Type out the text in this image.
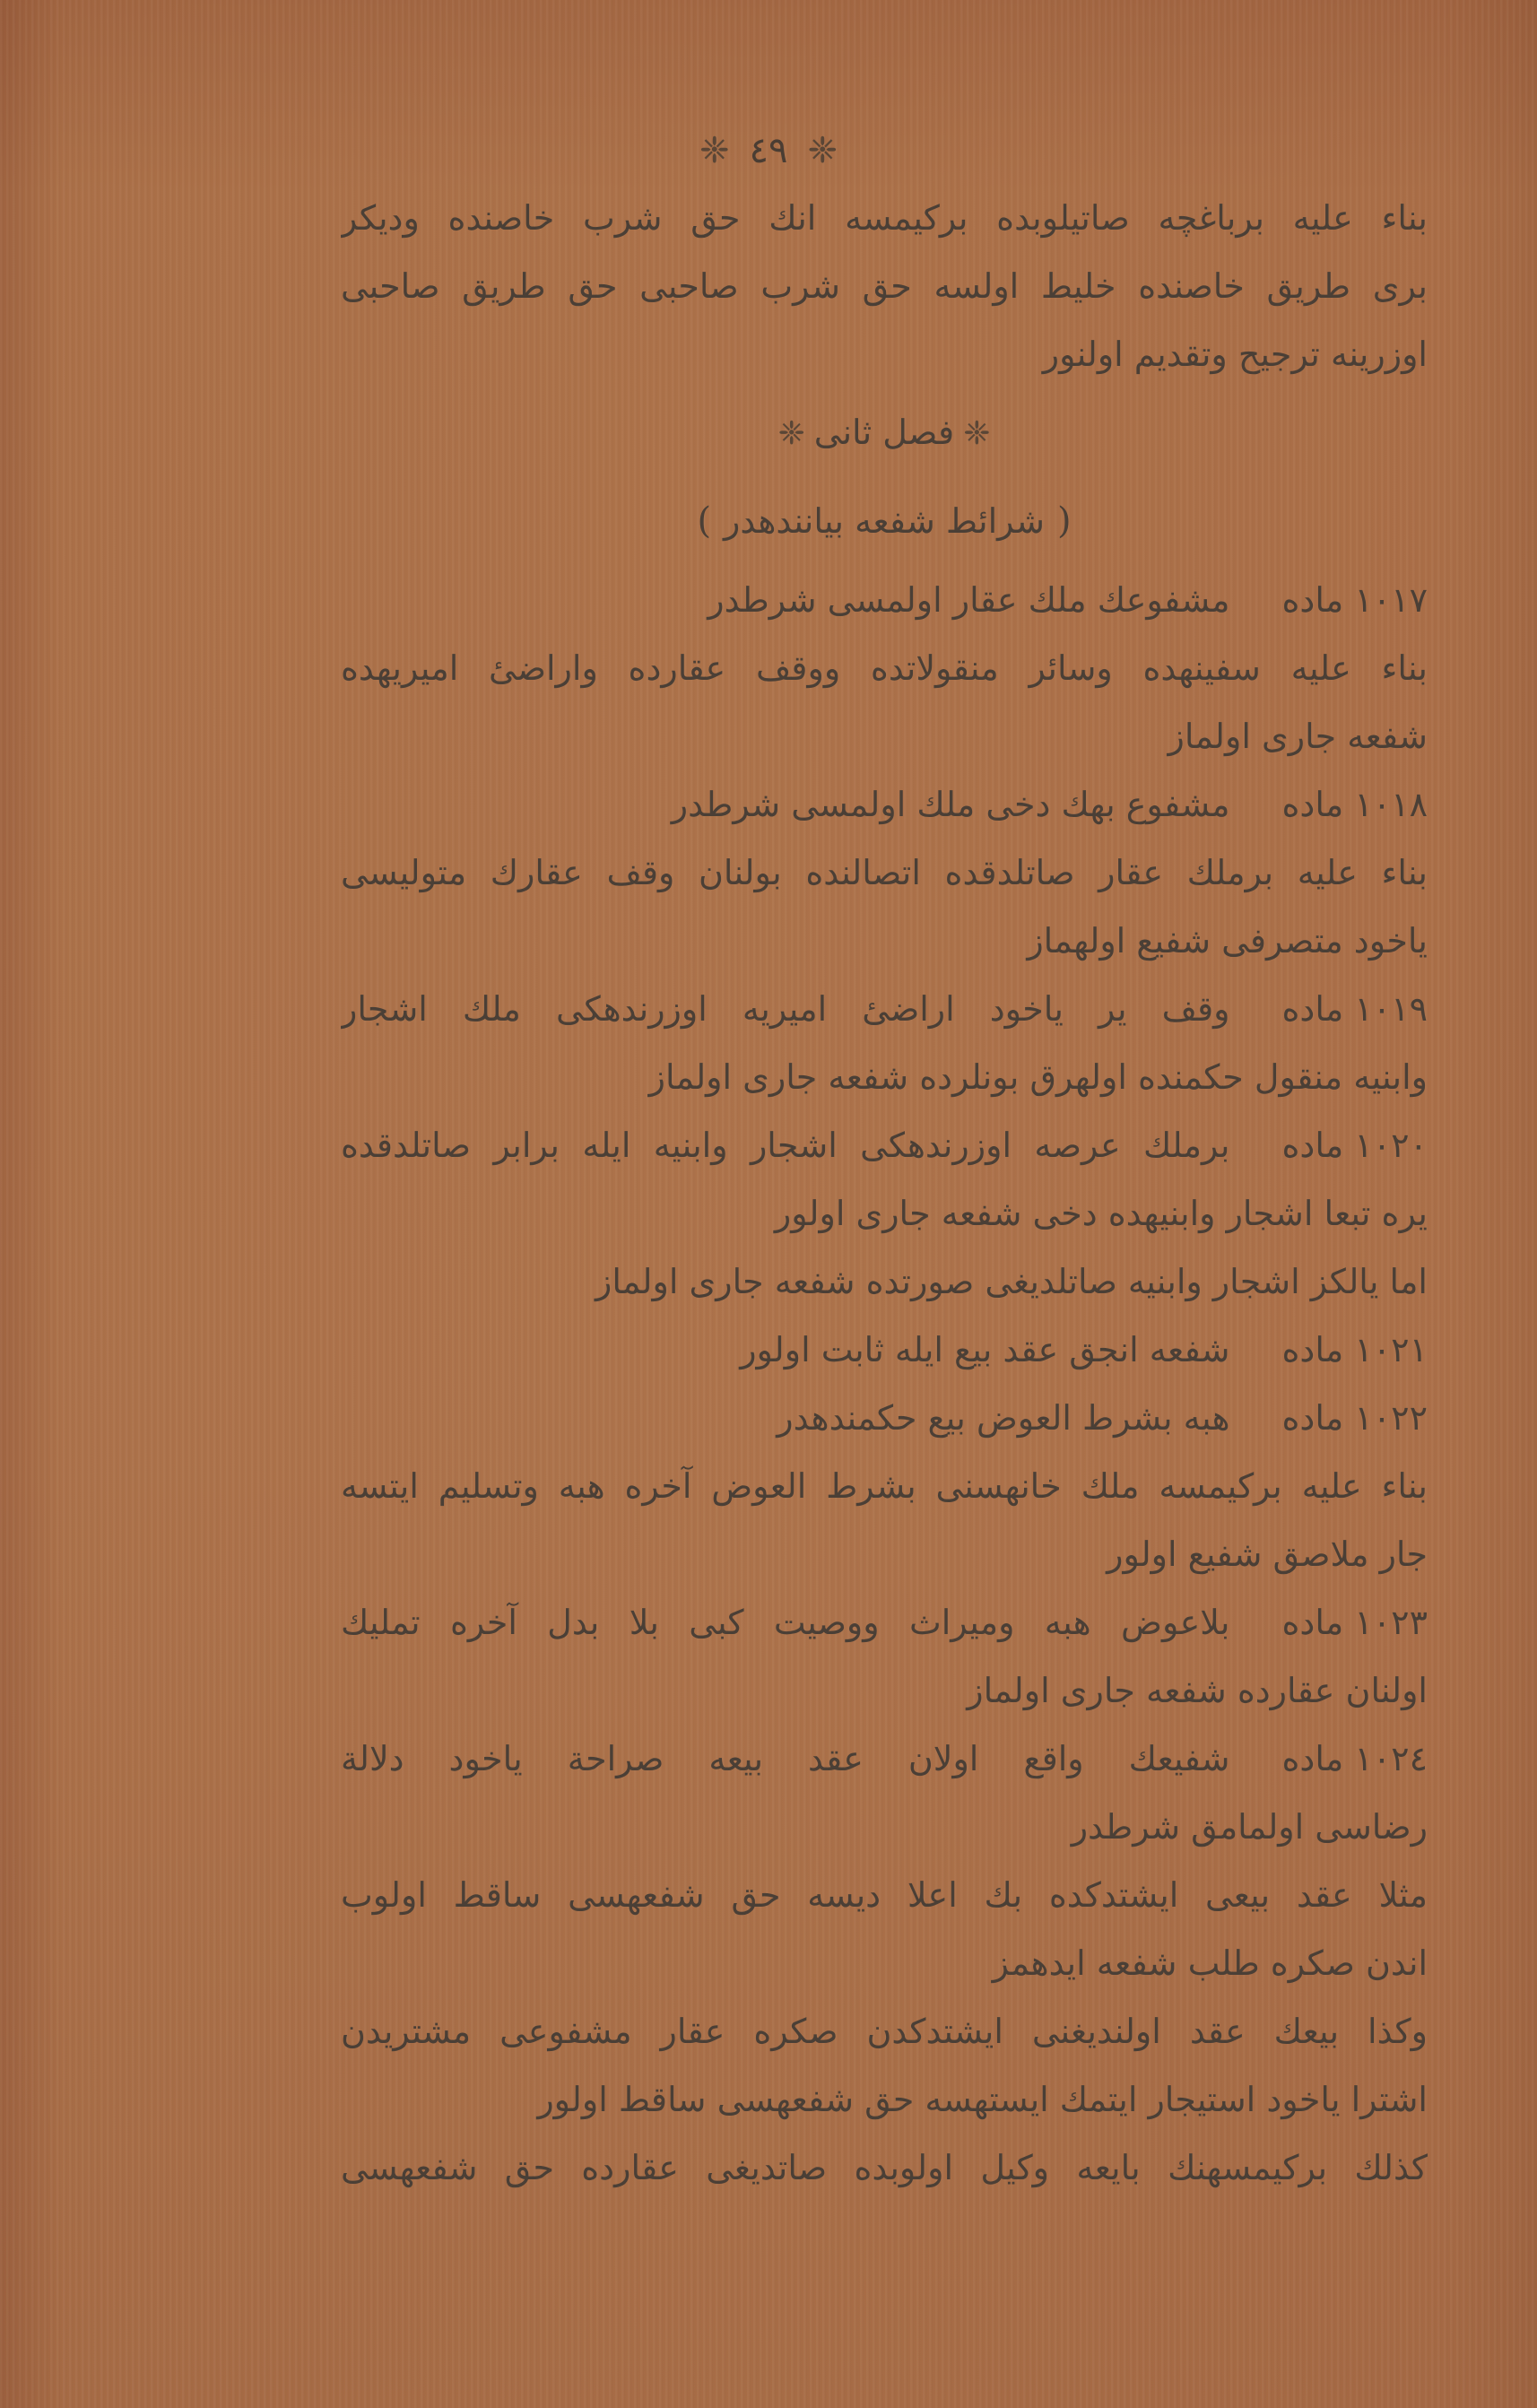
❈
٤٩
❈
بناء عليه برباغچه صاتيلوبده بركيمسه انك حق شرب خاصنده وديكر
برى طريق خاصنده خليط اولسه حق شرب صاحبى حق طريق صاحبى
اوزرينه ترجيح وتقديم اولنور
❈فصل ثانى❈
(شرائط شفعه بيانندهدر)
١٠١٧ مادهمشفوعك ملك عقار اولمسى شرطدر
بناء عليه سفينهده وسائر منقولاتده ووقف عقارده واراضىٔ اميريهده
شفعه جارى اولماز
١٠١٨ مادهمشفوع بهك دخى ملك اولمسى شرطدر
بناء عليه برملك عقار صاتلدقده اتصالنده بولنان وقف عقارك متوليسى
ياخود متصرفى شفيع اولهماز
١٠١٩ مادهوقف ير ياخود اراضىٔ اميريه اوزرندهكى ملك اشجار
وابنيه منقول حكمنده اولهرق بونلرده شفعه جارى اولماز
١٠٢٠ مادهبرملك عرصه اوزرندهكى اشجار وابنيه ايله برابر صاتلدقده
يره تبعا اشجار وابنيهده دخى شفعه جارى اولور
اما يالكز اشجار وابنيه صاتلديغى صورتده شفعه جارى اولماز
١٠٢١ مادهشفعه انجق عقد بيع ايله ثابت اولور
١٠٢٢ مادههبه بشرط العوض بيع حكمندهدر
بناء عليه بركيمسه ملك خانهسنى بشرط العوض آخره هبه وتسليم ايتسه
جار ملاصق شفيع اولور
١٠٢٣ مادهبلاعوض هبه وميراث ووصيت كبى بلا بدل آخره تمليك
اولنان عقارده شفعه جارى اولماز
١٠٢٤ مادهشفيعك واقع اولان عقد بيعه صراحة ياخود دلالة
رضاسى اولمامق شرطدر
مثلا عقد بيعى ايشتدكده بك اعلا ديسه حق شفعهسى ساقط اولوب
اندن صكره طلب شفعه ايدهمز
وكذا بيعك عقد اولنديغنى ايشتدكدن صكره عقار مشفوعى مشتريدن
اشترا ياخود استيجار ايتمك ايستهسه حق شفعهسى ساقط اولور
كذلك بركيمسهنك بايعه وكيل اولوبده صاتديغى عقارده حق شفعهسى
